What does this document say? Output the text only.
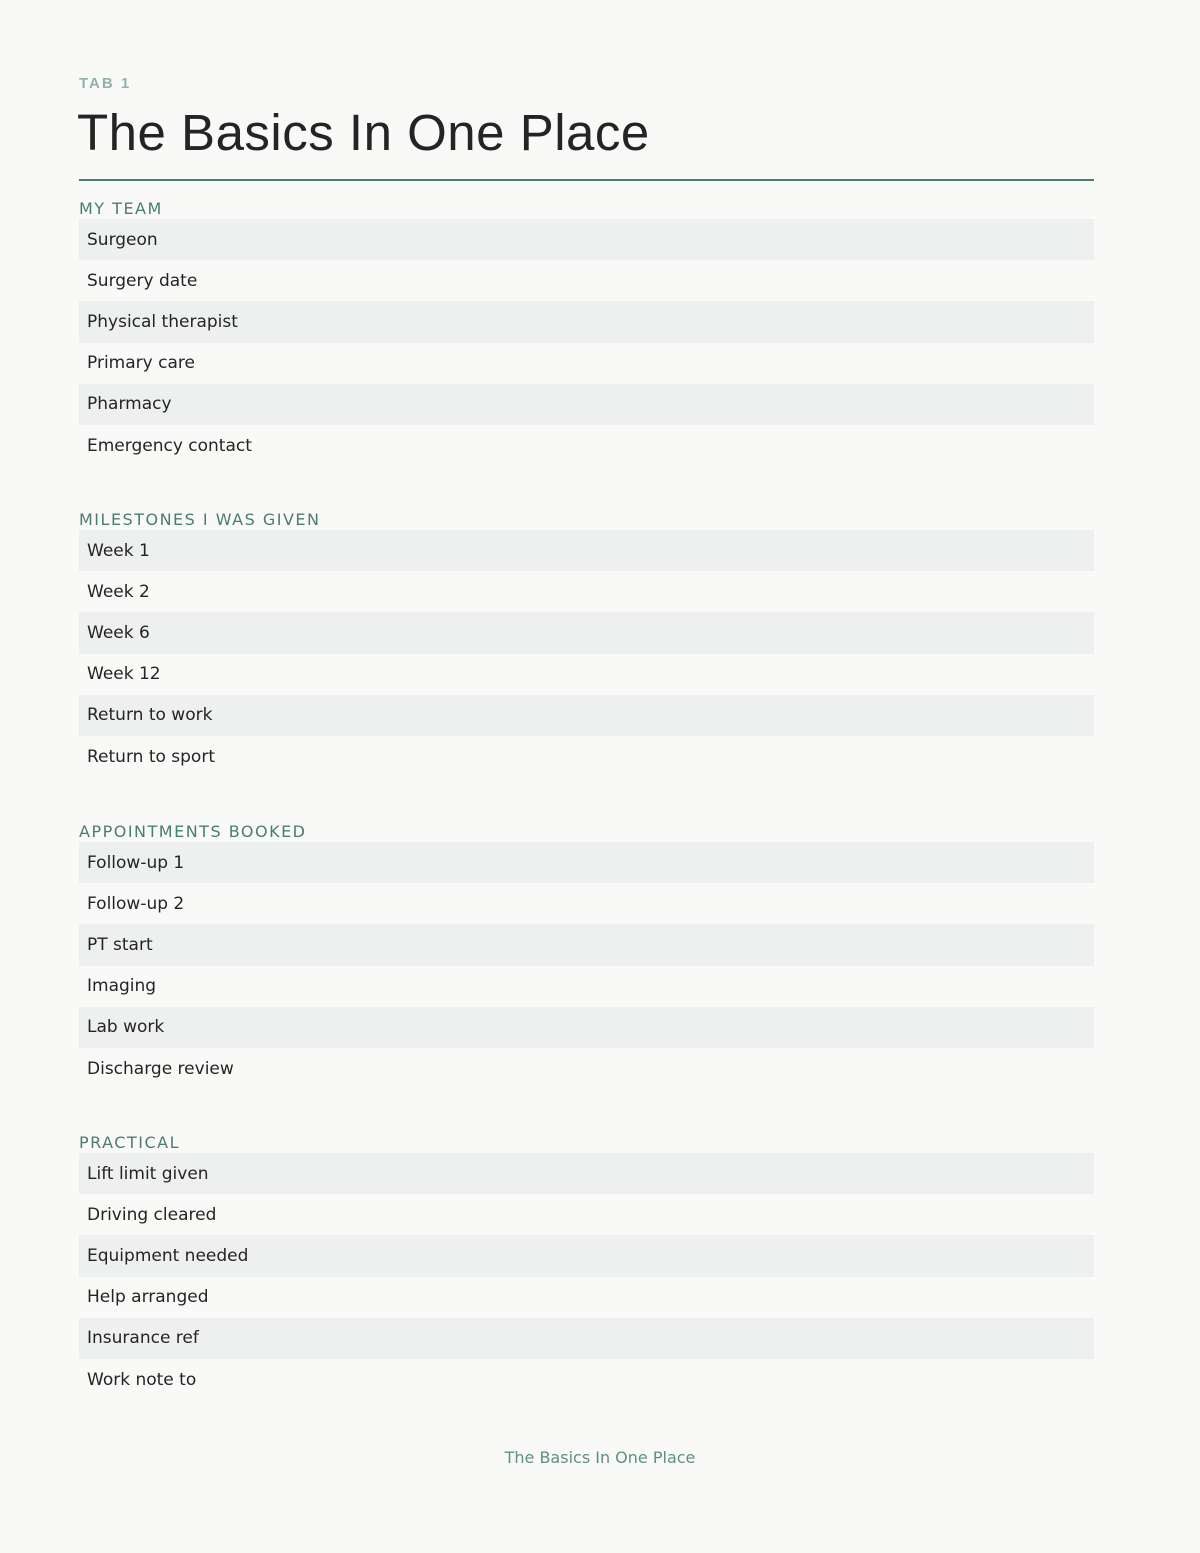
TAB 1
The Basics In One Place
MY TEAM
Surgeon
Surgery date
Physical therapist
Primary care
Pharmacy
Emergency contact
MILESTONES I WAS GIVEN
Week 1
Week 2
Week 6
Week 12
Return to work
Return to sport
APPOINTMENTS BOOKED
Follow-up 1
Follow-up 2
PT start
Imaging
Lab work
Discharge review
PRACTICAL
Lift limit given
Driving cleared
Equipment needed
Help arranged
Insurance ref
Work note to
The Basics In One Place
